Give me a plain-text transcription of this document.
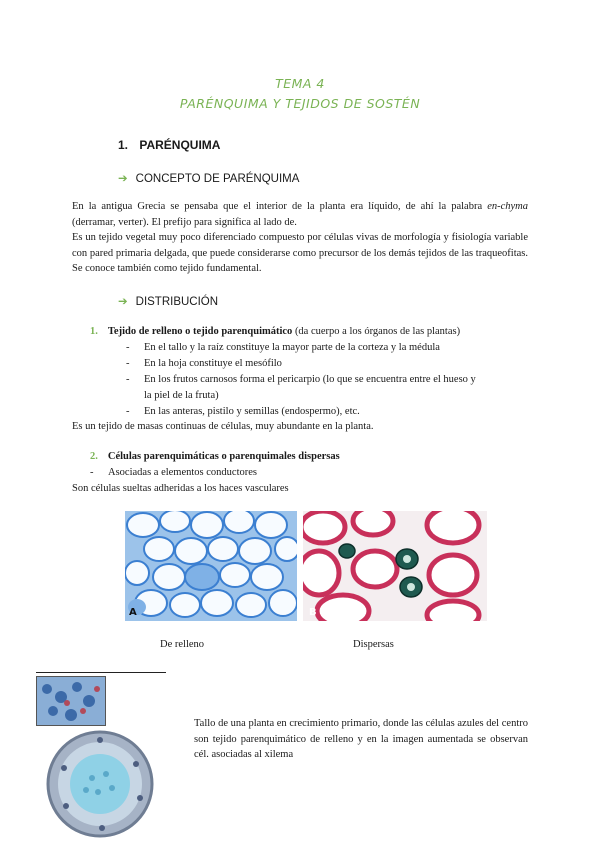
TEMA 4
PARÉNQUIMA Y TEJIDOS DE SOSTÉN
1. PARÉNQUIMA
➔ CONCEPTO DE PARÉNQUIMA
En la antigua Grecia se pensaba que el interior de la planta era líquido, de ahí la palabra en-chyma (derramar, verter). El prefijo para significa al lado de.
Es un tejido vegetal muy poco diferenciado compuesto por células vivas de morfología y fisiología variable con pared primaria delgada, que puede considerarse como precursor de los demás tejidos de las traqueofitas. Se conoce también como tejido fundamental.
➔ DISTRIBUCIÓN
1. Tejido de relleno o tejido parenquimático (da cuerpo a los órganos de las plantas)
- En el tallo y la raíz constituye la mayor parte de la corteza y la médula
- En la hoja constituye el mesófilo
- En los frutos carnosos forma el pericarpio (lo que se encuentra entre el hueso y
la piel de la fruta)
- En las anteras, pistilo y semillas (endospermo), etc.
Es un tejido de masas continuas de células, muy abundante en la planta.
2. Células parenquimáticas o parenquimales dispersas
- Asociadas a elementos conductores
Son células sueltas adheridas a los haces vasculares
A	B
De relleno	Dispersas
Tallo de una planta en crecimiento primario, donde las células azules del centro son tejido parenquimático de relleno y en la imagen aumentada se observan cél. asociadas al xilema
